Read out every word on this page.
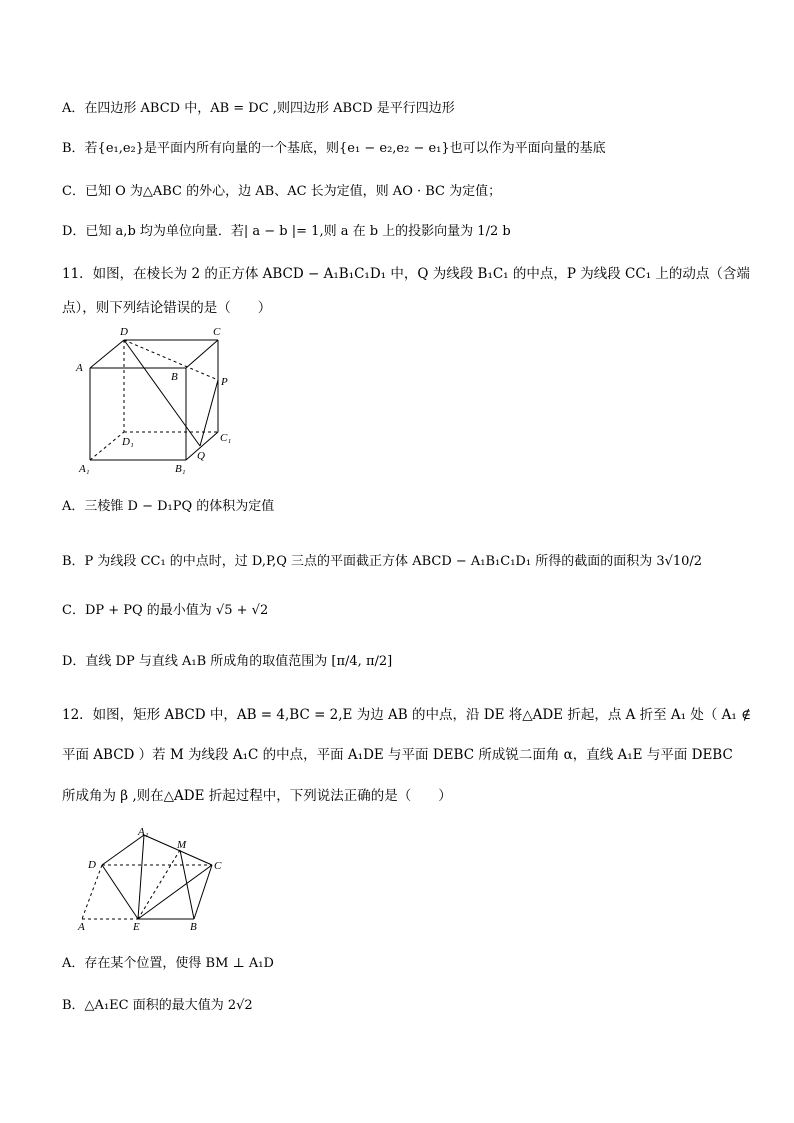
A．在四边形 ABCD 中，AB = DC ,则四边形 ABCD 是平行四边形
B．若{e₁,e₂}是平面内所有向量的一个基底，则{e₁ − e₂,e₂ − e₁}也可以作为平面向量的基底
C．已知 O 为△ABC 的外心，边 AB、AC 长为定值，则 AO · BC 为定值；
D．已知 a,b 均为单位向量．若| a − b |= 1,则 a 在 b 上的投影向量为 1/2 b
11．如图，在棱长为 2 的正方体 ABCD − A₁B₁C₁D₁ 中，Q 为线段 B₁C₁ 的中点，P 为线段 CC₁ 上的动点（含端
点），则下列结论错误的是（　　）
D	C
A
B	P
D₁	C₁
A₁	B₁
Q
A．三棱锥 D − D₁PQ 的体积为定值
B．P 为线段 CC₁ 的中点时，过 D,P,Q 三点的平面截正方体 ABCD − A₁B₁C₁D₁ 所得的截面的面积为 3√10/2
C．DP + PQ 的最小值为 √5 + √2
D．直线 DP 与直线 A₁B 所成角的取值范围为 [π/4, π/2]
12．如图，矩形 ABCD 中，AB = 4,BC = 2,E 为边 AB 的中点，沿 DE 将△ADE 折起，点 A 折至 A₁ 处（ A₁ ∉
平面 ABCD ）若 M 为线段 A₁C 的中点，平面 A₁DE 与平面 DEBC 所成锐二面角 α，直线 A₁E 与平面 DEBC
所成角为 β ,则在△ADE 折起过程中，下列说法正确的是（　　）
A₁
M
D	C
A	E	B
A．存在某个位置，使得 BM ⊥ A₁D
B．△A₁EC 面积的最大值为 2√2
